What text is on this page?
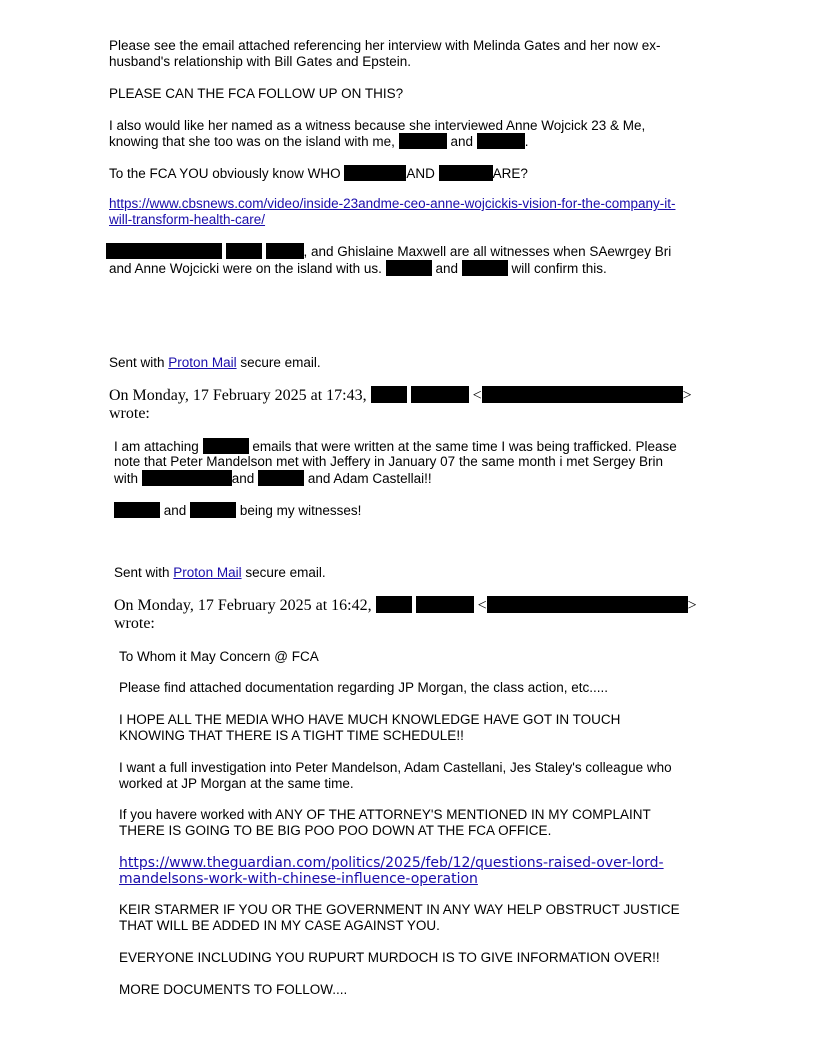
Please see the email attached referencing her interview with Melinda Gates and her now ex-
husband's relationship with Bill Gates and Epstein.
PLEASE CAN THE FCA FOLLOW UP ON THIS?
I also would like her named as a witness because she interviewed Anne Wojcick 23 & Me,
knowing that she too was on the island with me,	and	.
To the FCA YOU obviously know WHO	AND	ARE?
https://www.cbsnews.com/video/inside-23andme-ceo-anne-wojcickis-vision-for-the-company-it-
will-transform-health-care/
, and Ghislaine Maxwell are all witnesses when SAewrgey Bri
and Anne Wojcicki were on the island with us.	and	will confirm this.
Sent with Proton Mail secure email.
On Monday, 17 February 2025 at 17:43,	<	>
wrote:
I am attaching	emails that were written at the same time I was being trafficked. Please
note that Peter Mandelson met with Jeffery in January 07 the same month i met Sergey Brin
with	and	and Adam Castellai!!
and	being my witnesses!
Sent with Proton Mail secure email.
On Monday, 17 February 2025 at 16:42,	<	>
wrote:
To Whom it May Concern @ FCA
Please find attached documentation regarding JP Morgan, the class action, etc.....
I HOPE ALL THE MEDIA WHO HAVE MUCH KNOWLEDGE HAVE GOT IN TOUCH
KNOWING THAT THERE IS A TIGHT TIME SCHEDULE!!
I want a full investigation into Peter Mandelson, Adam Castellani, Jes Staley's colleague who
worked at JP Morgan at the same time.
If you havere worked with ANY OF THE ATTORNEY'S MENTIONED IN MY COMPLAINT
THERE IS GOING TO BE BIG POO POO DOWN AT THE FCA OFFICE.
https://www.theguardian.com/politics/2025/feb/12/questions-raised-over-lord-
mandelsons-work-with-chinese-influence-operation
KEIR STARMER IF YOU OR THE GOVERNMENT IN ANY WAY HELP OBSTRUCT JUSTICE
THAT WILL BE ADDED IN MY CASE AGAINST YOU.
EVERYONE INCLUDING YOU RUPURT MURDOCH IS TO GIVE INFORMATION OVER!!
MORE DOCUMENTS TO FOLLOW....
